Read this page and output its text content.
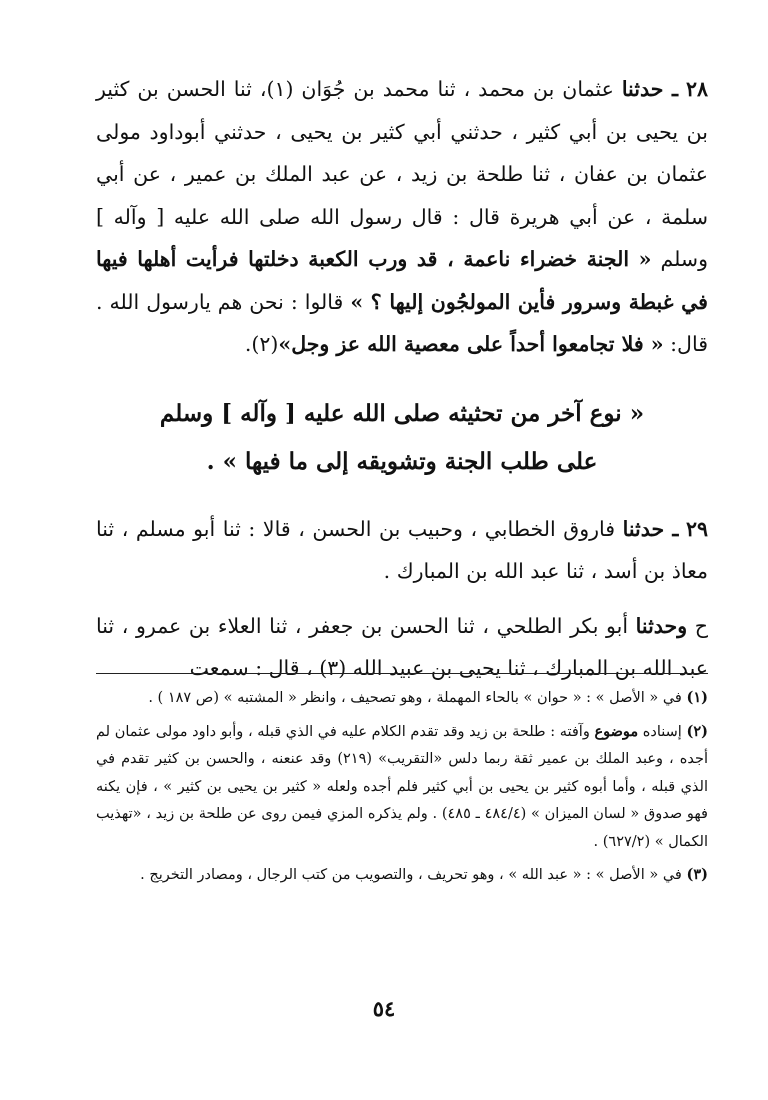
٢٨ ـ حدثنا عثمان بن محمد ، ثنا محمد بن جُوَان (١)، ثنا الحسن بن كثير بن يحيى بن أبي كثير ، حدثني أبي كثير بن يحيى ، حدثني أبوداود مولى عثمان بن عفان ، ثنا طلحة بن زيد ، عن عبد الملك بن عمير ، عن أبي سلمة ، عن أبي هريرة قال : قال رسول الله صلى الله عليه [ وآله ] وسلم « الجنة خضراء ناعمة ، قد ورب الكعبة دخلتها فرأيت أهلها فيها في غبطة وسرور فأين المولجُون إليها ؟ » قالوا : نحن هم يارسول الله . قال: « فلا تجامعوا أحداً على معصية الله عز وجل»(٢).

« نوع آخر من تحثيثه صلى الله عليه [ وآله ] وسلم
على طلب الجنة وتشويقه إلى ما فيها » .

٢٩ ـ حدثنا فاروق الخطابي ، وحبيب بن الحسن ، قالا : ثنا أبو مسلم ، ثنا معاذ بن أسد ، ثنا عبد الله بن المبارك .

ح وحدثنا أبو بكر الطلحي ، ثنا الحسن بن جعفر ، ثنا العلاء بن عمرو ، ثنا عبد الله بن المبارك ، ثنا يحيى بن عبيد الله (٣) ، قال : سمعت

(١) في « الأصل » : « حوان » بالحاء المهملة ، وهو تصحيف ، وانظر « المشتبه » (ص ١٨٧ ) .

(٢) إسناده موضوع وآفته : طلحة بن زيد وقد تقدم الكلام عليه في الذي قبله ، وأبو داود مولى عثمان لم أجده ، وعبد الملك بن عمير ثقة ربما دلس «التقريب» (٢١٩) وقد عنعنه ، والحسن بن كثير تقدم في الذي قبله ، وأما أبوه كثير بن يحيى بن أبي كثير فلم أجده ولعله « كثير بن يحيى بن كثير » ، فإن يكنه فهو صدوق « لسان الميزان » (٤٨٤/٤ ـ ٤٨٥) . ولم يذكره المزي فيمن روى عن طلحة بن زيد ، «تهذيب الكمال » (٦٢٧/٢) .

(٣) في « الأصل » : « عبد الله » ، وهو تحريف ، والتصويب من كتب الرجال ، ومصادر التخريج .

٥٤
